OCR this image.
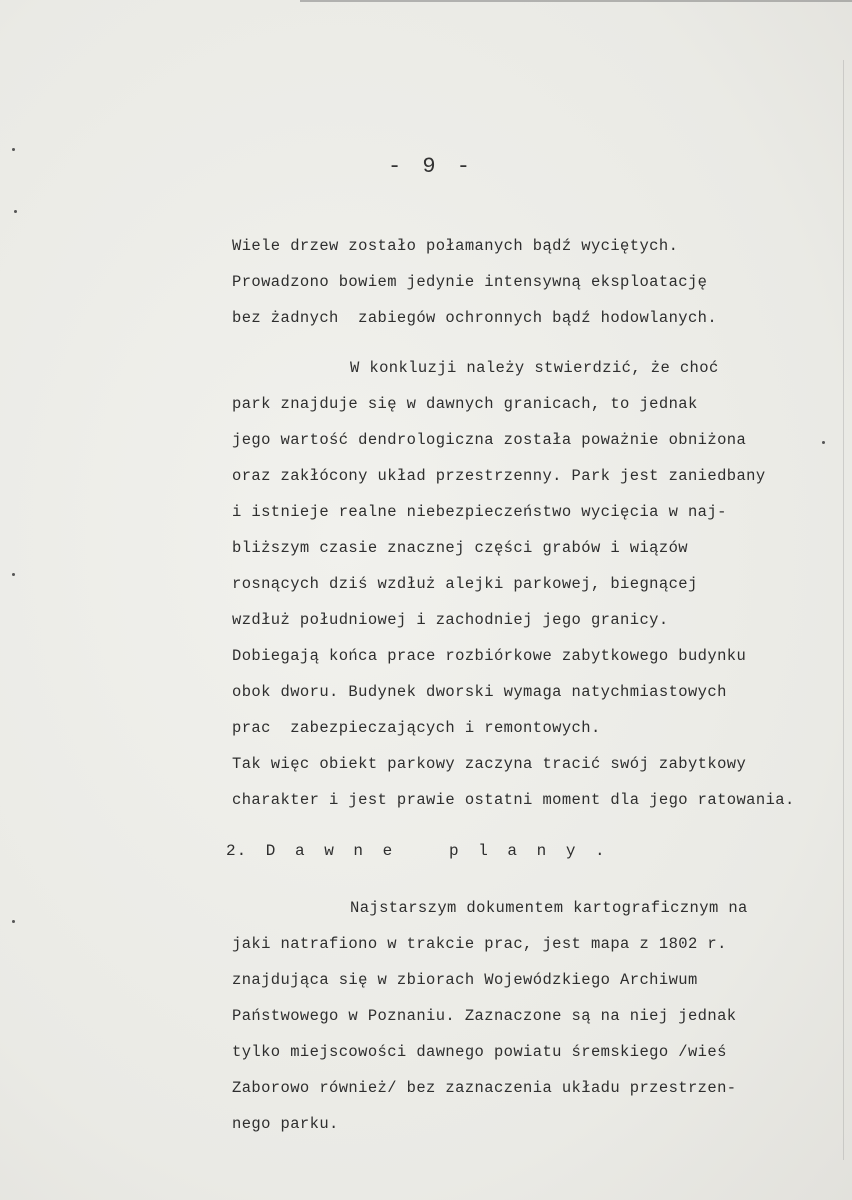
- 9 -
Wiele drzew zostało połamanych bądź wyciętych.
Prowadzono bowiem jedynie intensywną eksploatację
bez żadnych  zabiegów ochronnych bądź hodowlanych.
W konkluzji należy stwierdzić, że choć
park znajduje się w dawnych granicach, to jednak
jego wartość dendrologiczna została poważnie obniżona
oraz zakłócony układ przestrzenny. Park jest zaniedbany
i istnieje realne niebezpieczeństwo wycięcia w naj-
bliższym czasie znacznej części grabów i wiązów
rosnących dziś wzdłuż alejki parkowej, biegnącej
wzdłuż południowej i zachodniej jego granicy.
Dobiegają końca prace rozbiórkowe zabytkowego budynku
obok dworu. Budynek dworski wymaga natychmiastowych
prac  zabezpieczających i remontowych.
Tak więc obiekt parkowy zaczyna tracić swój zabytkowy
charakter i jest prawie ostatni moment dla jego ratowania.
2. D a w n e   p l a n y .
Najstarszym dokumentem kartograficznym na
jaki natrafiono w trakcie prac, jest mapa z 1802 r.
znajdująca się w zbiorach Wojewódzkiego Archiwum
Państwowego w Poznaniu. Zaznaczone są na niej jednak
tylko miejscowości dawnego powiatu śremskiego /wieś
Zaborowo również/ bez zaznaczenia układu przestrzen-
nego parku.
